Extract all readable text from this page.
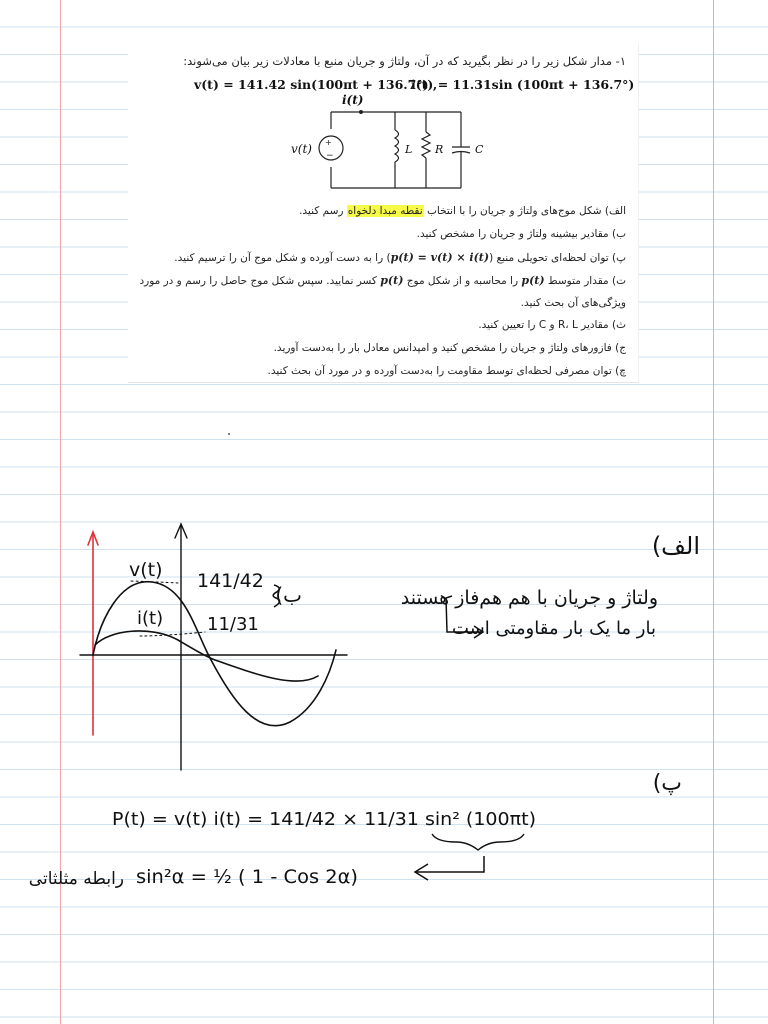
۱- مدار شکل زیر را در نظر بگیرید که در آن، ولتاژ و جریان منبع با معادلات زیر بیان می‌شوند:
v(t) = 141.42 sin(100πt + 136.7°) ,
i(t) = 11.31sin (100πt + 136.7°)
+
−
i(t)
v(t)	L R	C
الف) شکل موج‌های ولتاژ و جریان را با انتخاب نقطه مبدا دلخواه رسم کنید.
ب) مقادیر بیشینه ولتاژ و جریان را مشخص کنید.
پ) توان لحظه‌ای تحویلی منبع (p(t) = v(t) × i(t)) را به دست آورده و شکل موج آن را ترسیم کنید.
ت) مقدار متوسط p(t) را محاسبه و از شکل موج p(t) کسر نمایید. سپس شکل موج حاصل را رسم و در مورد ویژگی‌های آن بحث کنید.
ث) مقادیر R، L و C را تعیین کنید.
ج) فازورهای ولتاژ و جریان را مشخص کنید و امپدانس معادل بار را به‌دست آورید.
چ) توان مصرفی لحظه‌ای توسط مقاومت را به‌دست آورده و در مورد آن بحث کنید.
v(t) 141/42
i(t) 11/31
ب)
الف)
ولتاژ و جریان با هم هم‌فاز هستند
بار ما یک بار مقاومتی است
پ)
P(t) = v(t) i(t) = 141/42 × 11/31 sin² (100πt)
sin²α = ½ ( 1 - Cos 2α)
رابطه مثلثاتی
